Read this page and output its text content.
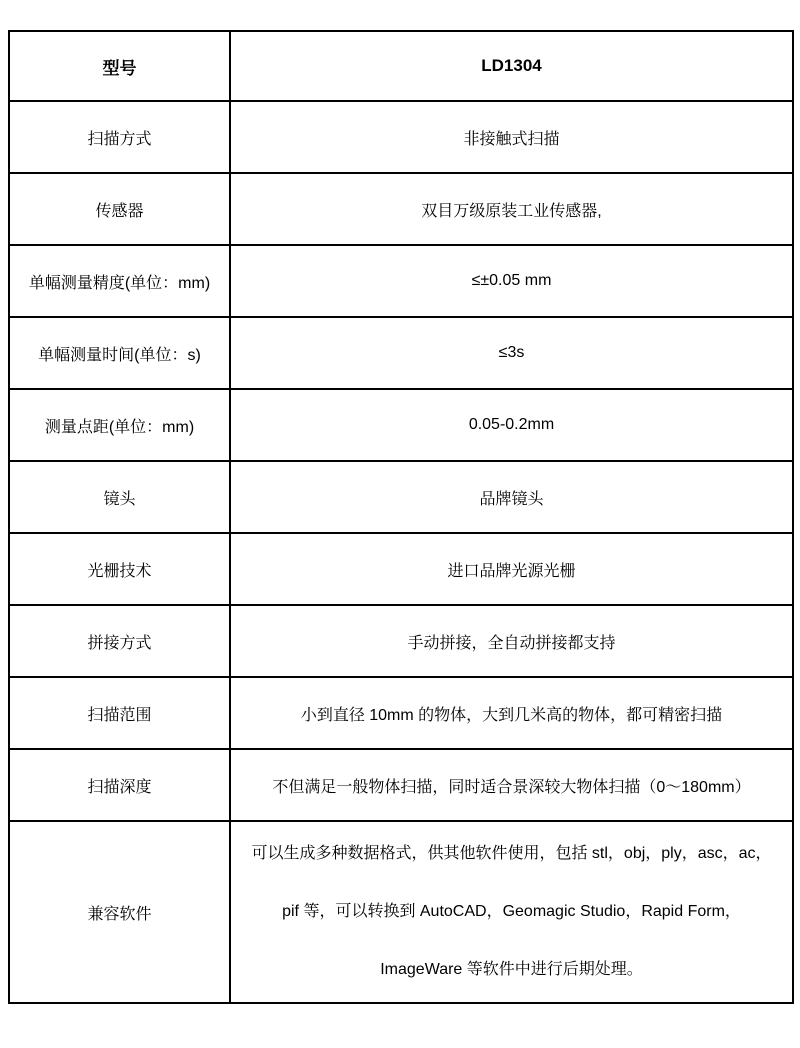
型号	LD1304
扫描方式	非接触式扫描
传感器	双目万级原装工业传感器,
单幅测量精度(单位：mm)	≤±0.05 mm
单幅测量时间(单位：s)	≤3s
测量点距(单位：mm)	0.05-0.2mm
镜头	品牌镜头
光栅技术	进口品牌光源光栅
拼接方式	手动拼接，全自动拼接都支持
扫描范围	小到直径 10mm 的物体，大到几米高的物体，都可精密扫描
扫描深度	不但满足一般物体扫描，同时适合景深较大物体扫描（0～180mm）
兼容软件	可以生成多种数据格式，供其他软件使用，包括 stl，obj，ply，asc，ac，
pif 等，可以转换到 AutoCAD，Geomagic Studio，Rapid Form，
ImageWare 等软件中进行后期处理。
